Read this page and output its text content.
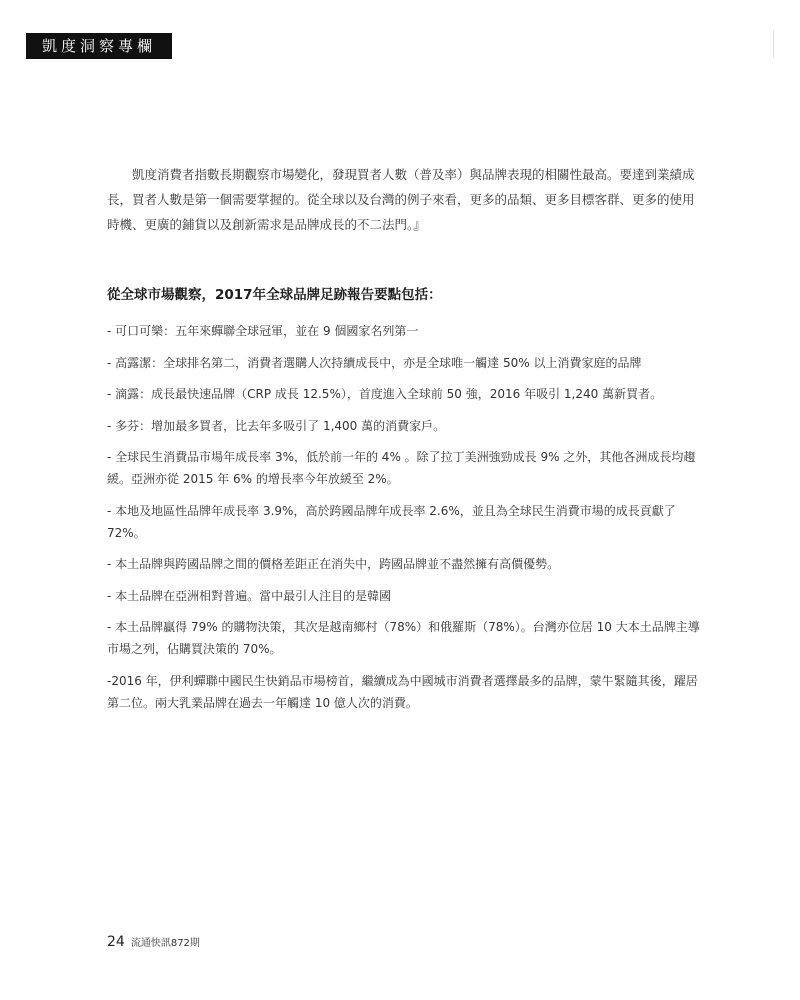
凱度洞察專欄

凱度消費者指數長期觀察市場變化，發現買者人數（普及率）與品牌表現的相關性最高。要達到業績成長，買者人數是第一個需要掌握的。從全球以及台灣的例子來看，更多的品類、更多目標客群、更多的使用時機、更廣的鋪貨以及創新需求是品牌成長的不二法門。』

從全球市場觀察，2017年全球品牌足跡報告要點包括：
- 可口可樂：五年來蟬聯全球冠軍，並在 9 個國家名列第一
- 高露潔：全球排名第二，消費者選購人次持續成長中，亦是全球唯一觸達 50% 以上消費家庭的品牌
- 滴露：成長最快速品牌（CRP 成長 12.5%），首度進入全球前 50 強，2016 年吸引 1,240 萬新買者。
- 多芬：增加最多買者，比去年多吸引了 1,400 萬的消費家戶。
- 全球民生消費品市場年成長率 3%，低於前一年的 4% 。除了拉丁美洲強勁成長 9% 之外，其他各洲成長均趨緩。亞洲亦從 2015 年 6% 的增長率今年放緩至 2%。
- 本地及地區性品牌年成長率 3.9%，高於跨國品牌年成長率 2.6%，並且為全球民生消費市場的成長貢獻了 72%。
- 本土品牌與跨國品牌之間的價格差距正在消失中，跨國品牌並不盡然擁有高價優勢。
- 本土品牌在亞洲相對普遍。當中最引人注目的是韓國
- 本土品牌贏得 79% 的購物決策，其次是越南鄉村（78%）和俄羅斯（78%）。台灣亦位居 10 大本土品牌主導市場之列，佔購買決策的 70%。
-2016 年，伊利蟬聯中國民生快銷品市場榜首，繼續成為中國城市消費者選擇最多的品牌，蒙牛緊隨其後，躍居第二位。兩大乳業品牌在過去一年觸達 10 億人次的消費。
24 流通快訊872期
